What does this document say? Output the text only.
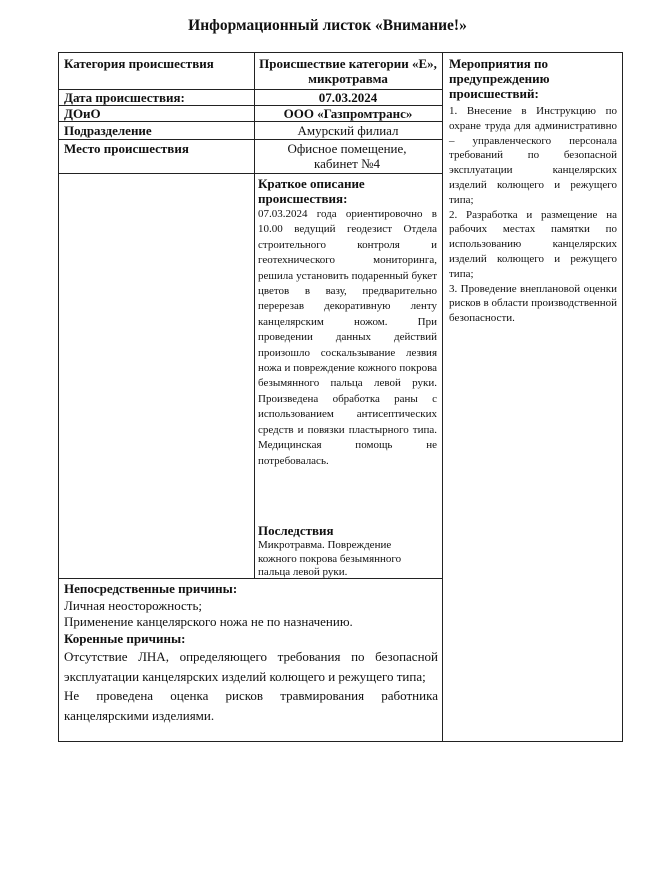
Информационный листок «Внимание!»
Категория происшествия	Происшествие категории «Е», микротравма
Дата происшествия:	07.03.2024
ДОиО	ООО «Газпромтранс»
Подразделение	Амурский филиал
Место происшествия	Офисное помещение, кабинет №4
Мероприятия по предупреждению происшествий:

1. Внесение в Инструкцию по охране труда для административно – управленческого персонала требований по безопасной эксплуатации канцелярских изделий колющего и режущего типа;

2. Разработка и размещение на рабочих местах памятки по использованию канцелярских изделий колющего и режущего типа;

3. Проведение внеплановой оценки рисков в области производственной безопасности.

Краткое описание происшествия:
07.03.2024 года ориентировочно в 10.00 ведущий геодезист Отдела строительного контроля и геотехнического мониторинга, решила установить подаренный букет цветов в вазу, предварительно перерезав декоративную ленту канцелярским ножом. При проведении данных действий произошло соскальзывание лезвия ножа и повреждение кожного покрова безымянного пальца левой руки. Произведена обработка раны с использованием антисептических средств и повязки пластырного типа. Медицинская помощь не потребовалась.
Последствия
Микротравма. Повреждение кожного покрова безымянного пальца левой руки.
Непосредственные причины:
Личная неосторожность;
Применение канцелярского ножа не по назначению.
Коренные причины:
Отсутствие ЛНА, определяющего требования по безопасной эксплуатации канцелярских изделий колющего и режущего типа;
Не проведена оценка рисков травмирования работника канцелярскими изделиями.
